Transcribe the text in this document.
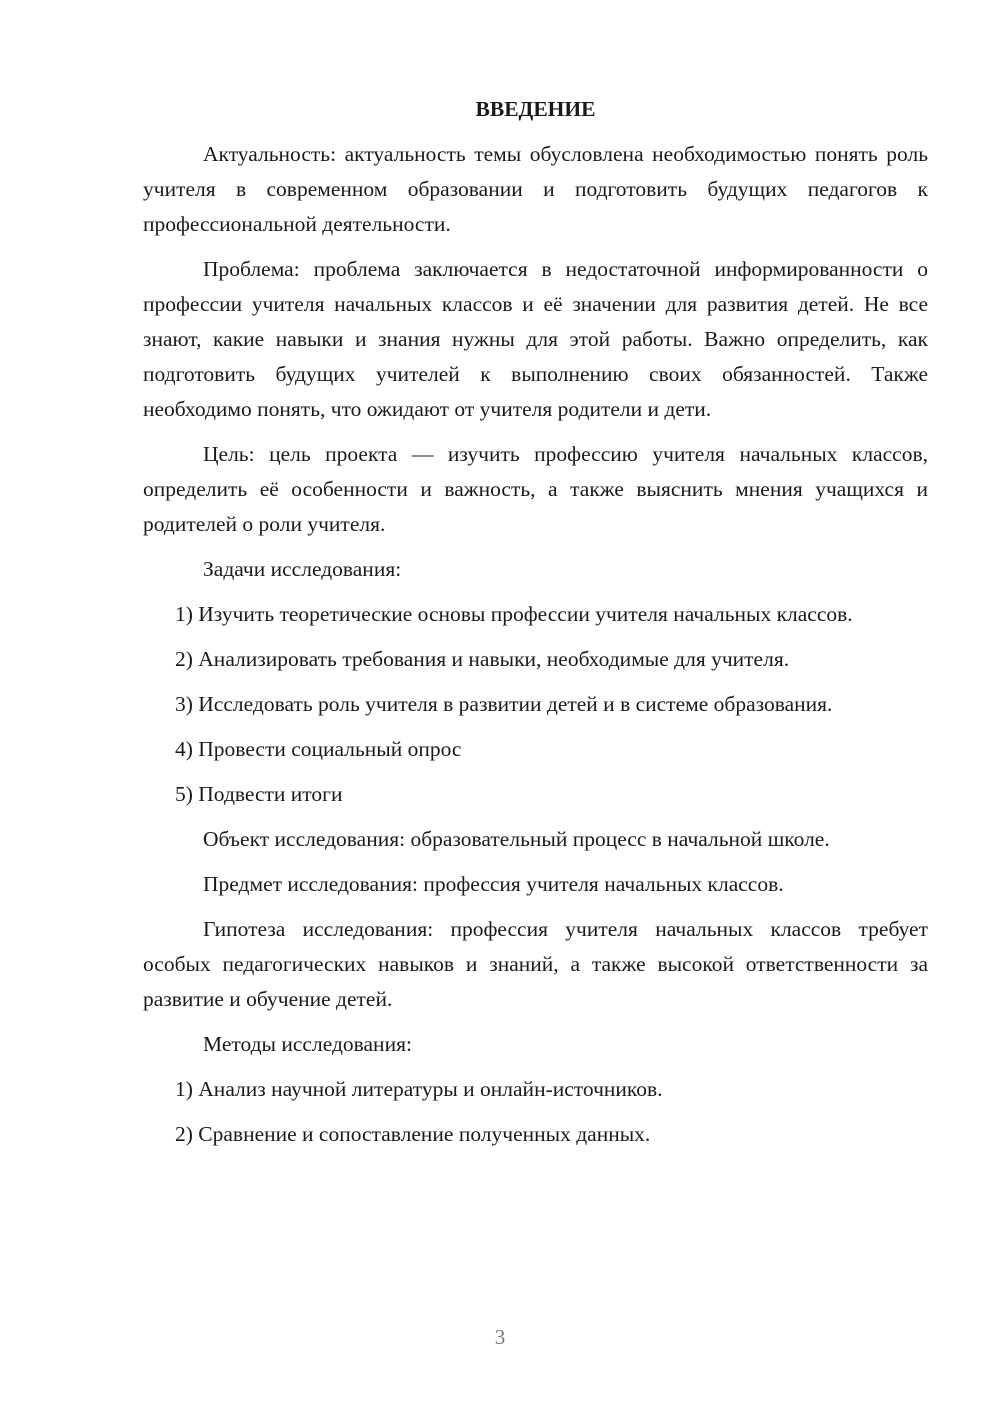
ВВЕДЕНИЕ

Актуальность: актуальность темы обусловлена необходимостью понять роль учителя в современном образовании и подготовить будущих педагогов к профессиональной деятельности.

Проблема: проблема заключается в недостаточной информированности о профессии учителя начальных классов и её значении для развития детей. Не все знают, какие навыки и знания нужны для этой работы. Важно определить, как подготовить будущих учителей к выполнению своих обязанностей. Также необходимо понять, что ожидают от учителя родители и дети.

Цель: цель проекта — изучить профессию учителя начальных классов, определить её особенности и важность, а также выяснить мнения учащихся и родителей о роли учителя.

Задачи исследования:

1) Изучить теоретические основы профессии учителя начальных классов.

2) Анализировать требования и навыки, необходимые для учителя.

3) Исследовать роль учителя в развитии детей и в системе образования.

4) Провести социальный опрос

5) Подвести итоги

Объект исследования: образовательный процесс в начальной школе.

Предмет исследования: профессия учителя начальных классов.

Гипотеза исследования: профессия учителя начальных классов требует особых педагогических навыков и знаний, а также высокой ответственности за развитие и обучение детей.

Методы исследования:

1) Анализ научной литературы и онлайн-источников.

2) Сравнение и сопоставление полученных данных.

3
